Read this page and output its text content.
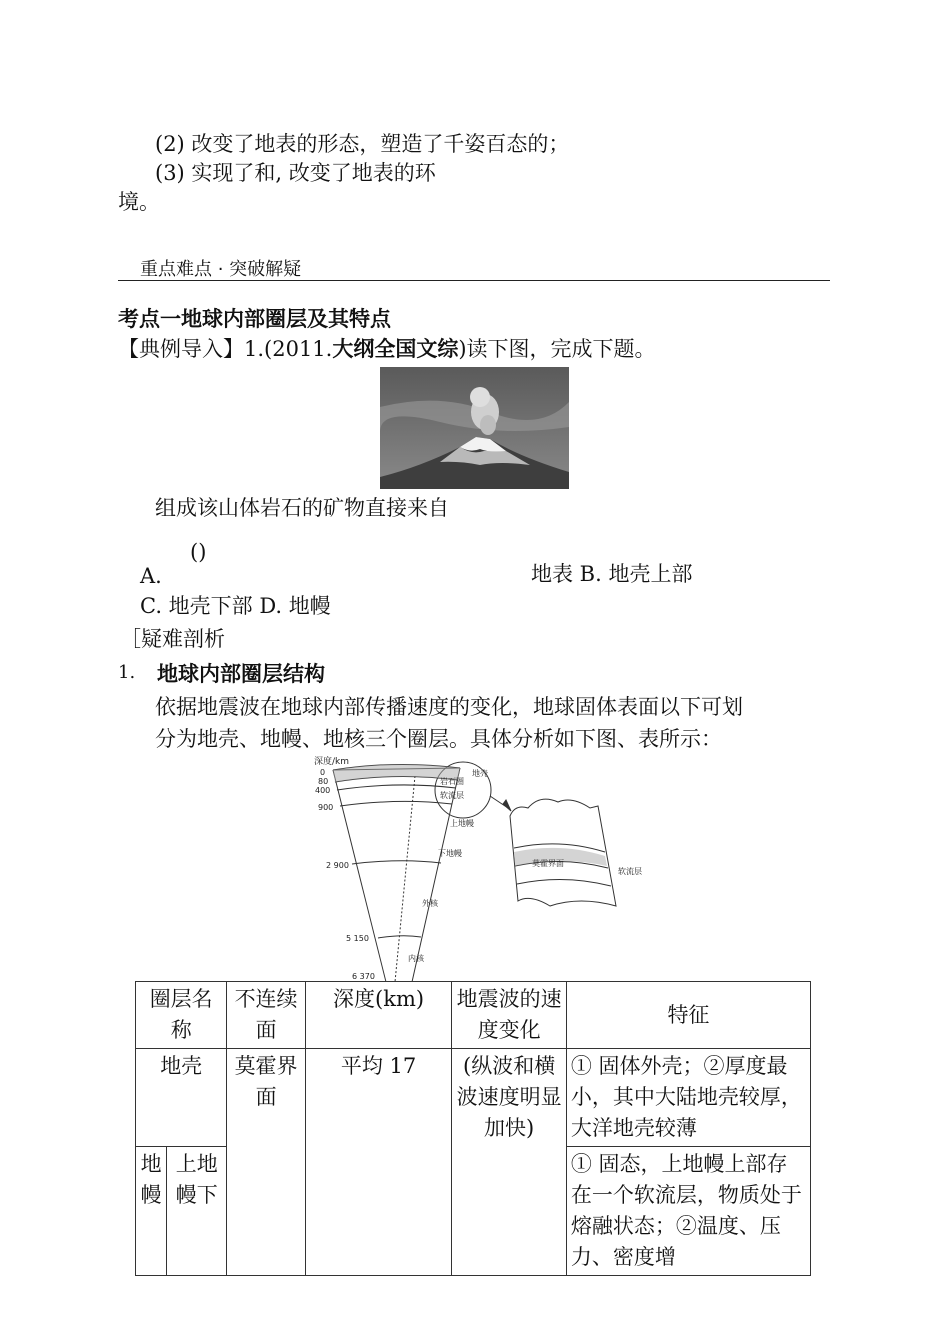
(2) 改变了地表的形态，塑造了千姿百态的；
(3) 实现了和, 改变了地表的环
境。
重点难点 · 突破解疑
考点一地球内部圈层及其特点
【典例导入】1.(2011.大纲全国文综)读下图，完成下题。
组成该山体岩石的矿物直接来自
()
A.	地表 B. 地壳上部
C. 地壳下部 D. 地幔
［疑难剖析
1. 地球内部圈层结构
依据地震波在地球内部传播速度的变化，地球固体表面以下可划
分为地壳、地幔、地核三个圈层。具体分析如下图、表所示：
深度/km
0
80
400
900
2 900
5 150
6 370
岩石圈
软流层
地壳
上地幔
下地幔
外核
内核
莫霍界面
软流层
圈层名称		不连续面	深度(km)	地震波的速度变化	特征
地壳		莫霍界面	平均 17	(纵波和横波速度明显加快)	① 固体外壳；②厚度最小，其中大陆地壳较厚，大洋地壳较薄
地幔	上地幔下				① 固态，上地幔上部存在一个软流层，物质处于熔融状态；②温度、压力、密度增
